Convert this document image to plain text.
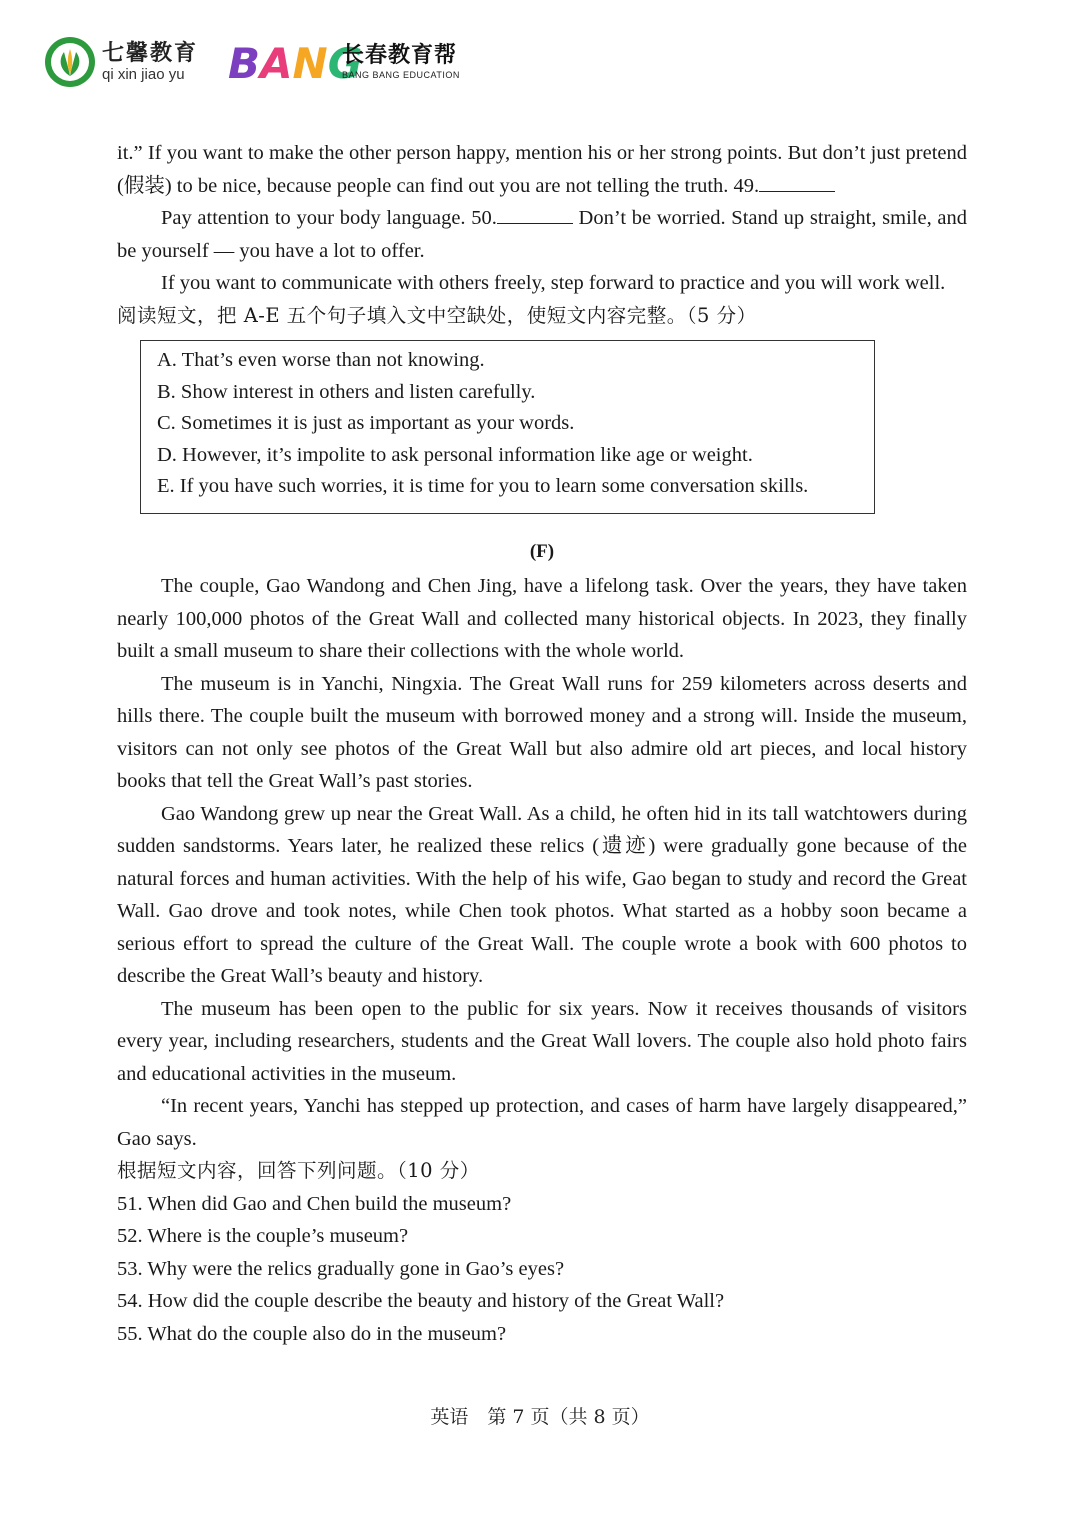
七馨教育
qi xin jiao yu	BANG
长春教育帮
BANG BANG EDUCATION

it.” If you want to make the other person happy, mention his or her strong points. But don’t just pretend (假装) to be nice, because people can find out you are not telling the truth. 49.

Pay attention to your body language. 50.	Don’t be worried. Stand up straight, smile, and be yourself — you have a lot to offer.

If you want to communicate with others freely, step forward to practice and you will work well.

阅读短文，把 A-E 五个句子填入文中空缺处，使短文内容完整。（5 分）

A. That’s even worse than not knowing.

B. Show interest in others and listen carefully.

C. Sometimes it is just as important as your words.

D. However, it’s impolite to ask personal information like age or weight.

E. If you have such worries, it is time for you to learn some conversation skills.

(F)

The couple, Gao Wandong and Chen Jing, have a lifelong task. Over the years, they have taken nearly 100,000 photos of the Great Wall and collected many historical objects. In 2023, they finally built a small museum to share their collections with the whole world.

The museum is in Yanchi, Ningxia. The Great Wall runs for 259 kilometers across deserts and hills there. The couple built the museum with borrowed money and a strong will. Inside the museum, visitors can not only see photos of the Great Wall but also admire old art pieces, and local history books that tell the Great Wall’s past stories.

Gao Wandong grew up near the Great Wall. As a child, he often hid in its tall watchtowers during sudden sandstorms. Years later, he realized these relics (遗迹) were gradually gone because of the natural forces and human activities. With the help of his wife, Gao began to study and record the Great Wall. Gao drove and took notes, while Chen took photos. What started as a hobby soon became a serious effort to spread the culture of the Great Wall. The couple wrote a book with 600 photos to describe the Great Wall’s beauty and history.

The museum has been open to the public for six years. Now it receives thousands of visitors every year, including researchers, students and the Great Wall lovers. The couple also hold photo fairs and educational activities in the museum.

“In recent years, Yanchi has stepped up protection, and cases of harm have largely disappeared,” Gao says.

根据短文内容，回答下列问题。（10 分）

51. When did Gao and Chen build the museum?

52. Where is the couple’s museum?

53. Why were the relics gradually gone in Gao’s eyes?

54. How did the couple describe the beauty and history of the Great Wall?

55. What do the couple also do in the museum?

英语　第 7 页（共 8 页）
